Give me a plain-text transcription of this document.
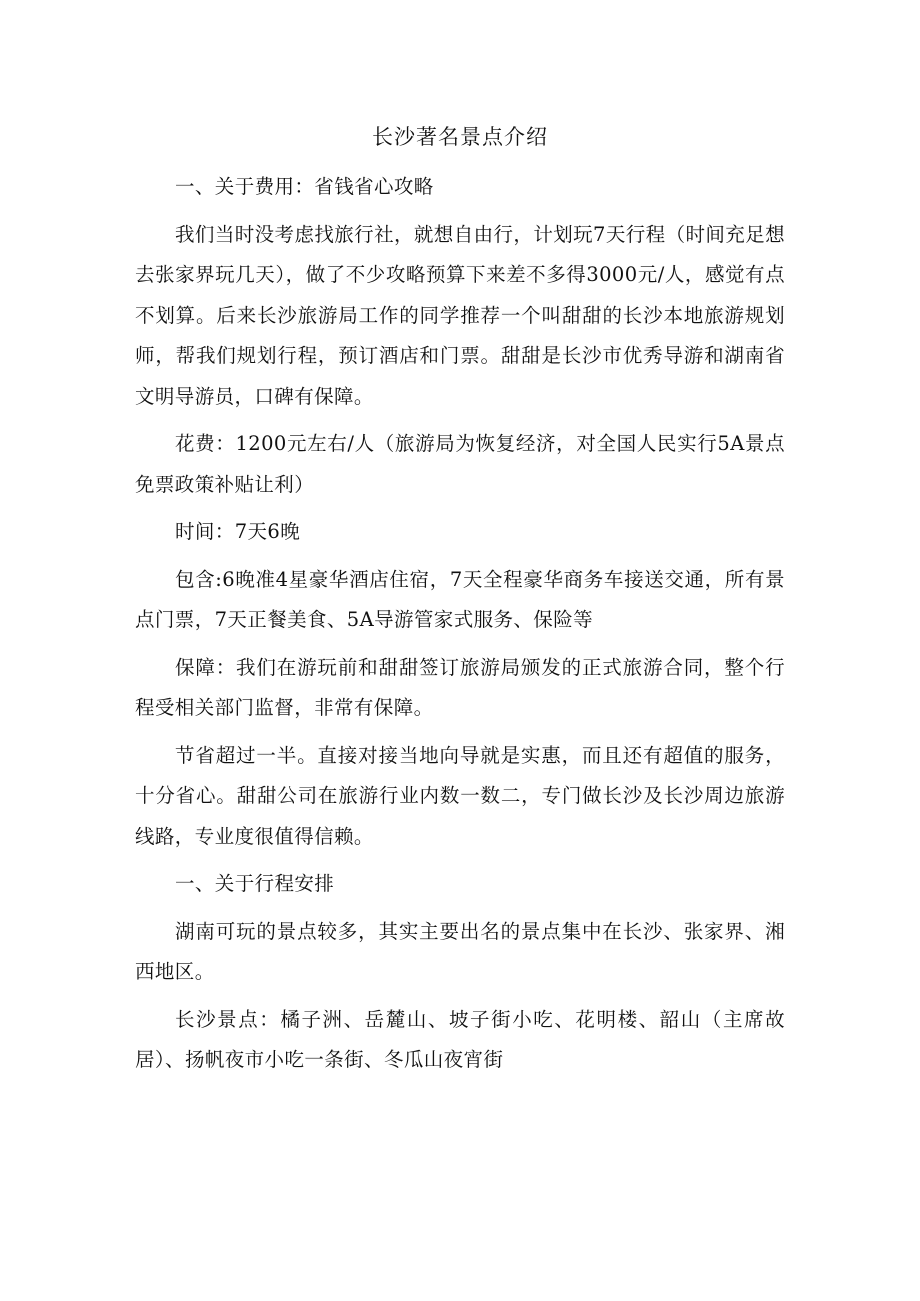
长沙著名景点介绍

一、关于费用：省钱省心攻略

我们当时没考虑找旅行社，就想自由行，计划玩7天行程（时间充足想去张家界玩几天），做了不少攻略预算下来差不多得3000元/人，感觉有点不划算。后来长沙旅游局工作的同学推荐一个叫甜甜的长沙本地旅游规划师，帮我们规划行程，预订酒店和门票。甜甜是长沙市优秀导游和湖南省文明导游员，口碑有保障。

花费：1200元左右/人（旅游局为恢复经济，对全国人民实行5A景点免票政策补贴让利）

时间：7天6晚

包含:6晚准4星豪华酒店住宿，7天全程豪华商务车接送交通，所有景点门票，7天正餐美食、5A导游管家式服务、保险等

保障：我们在游玩前和甜甜签订旅游局颁发的正式旅游合同，整个行程受相关部门监督，非常有保障。

节省超过一半。直接对接当地向导就是实惠，而且还有超值的服务，十分省心。甜甜公司在旅游行业内数一数二，专门做长沙及长沙周边旅游线路，专业度很值得信赖。

一、关于行程安排

湖南可玩的景点较多，其实主要出名的景点集中在长沙、张家界、湘西地区。

长沙景点：橘子洲、岳麓山、坡子街小吃、花明楼、韶山（主席故居）、扬帆夜市小吃一条街、冬瓜山夜宵街
